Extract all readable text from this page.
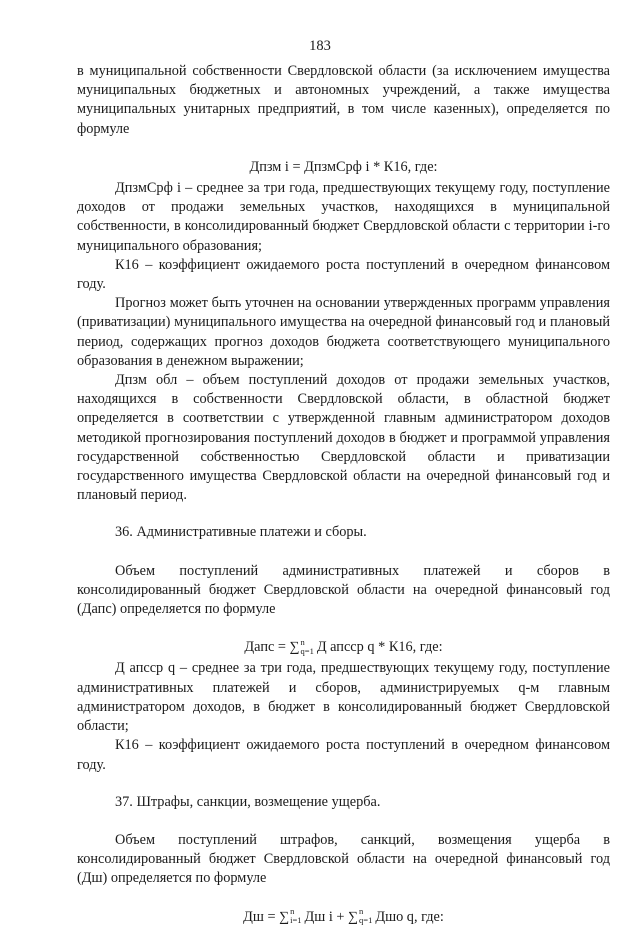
183

в муниципальной собственности Свердловской области (за исключением имущества муниципальных бюджетных и автономных учреждений, а также имущества муниципальных унитарных предприятий, в том числе казенных), определяется по формуле

Дпзм i = ДпзмСрф i * К16, где:

ДпзмСрф i – среднее за три года, предшествующих текущему году, поступление доходов от продажи земельных участков, находящихся в муниципальной собственности, в консолидированный бюджет Свердловской области с территории i-го муниципального образования;

К16 – коэффициент ожидаемого роста поступлений в очередном финансовом году.

Прогноз может быть уточнен на основании утвержденных программ управления (приватизации) муниципального имущества на очередной финансовый год и плановый период, содержащих прогноз доходов бюджета соответствующего муниципального образования в денежном выражении;

Дпзм обл – объем поступлений доходов от продажи земельных участков, находящихся в собственности Свердловской области, в областной бюджет определяется в соответствии с утвержденной главным администратором доходов методикой прогнозирования поступлений доходов в бюджет и программой управления государственной собственностью Свердловской области и приватизации государственного имущества Свердловской области на очередной финансовый год и плановый период.

36. Административные платежи и сборы.

Объем поступлений административных платежей и сборов в консолидированный бюджет Свердловской области на очередной финансовый год (Дапс) определяется по формуле

Дапс = ∑ n
q=1 Д апсср q * К16, где:

Д апсср q – среднее за три года, предшествующих текущему году, поступление административных платежей и сборов, администрируемых q-м главным администратором доходов, в бюджет в консолидированный бюджет Свердловской области;

К16 – коэффициент ожидаемого роста поступлений в очередном финансовом году.

37. Штрафы, санкции, возмещение ущерба.

Объем поступлений штрафов, санкций, возмещения ущерба в консолидированный бюджет Свердловской области на очередной финансовый год (Дш) определяется по формуле

Дш = ∑ n
i=1 Дш i + ∑ n
q=1 Дшо q, где:
